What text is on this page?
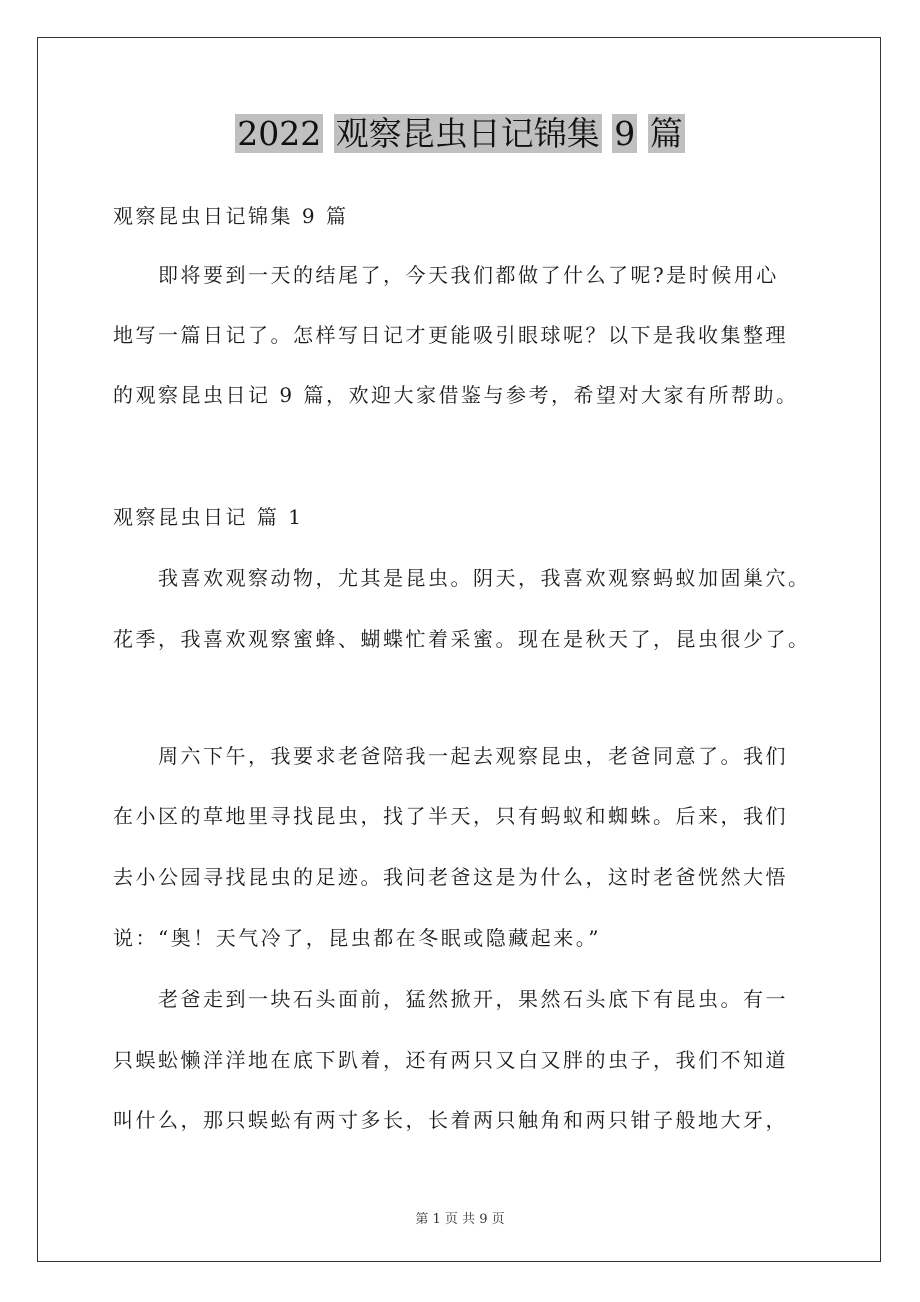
2022 观察昆虫日记锦集 9 篇
观察昆虫日记锦集 9 篇
即将要到一天的结尾了，今天我们都做了什么了呢?是时候用心
地写一篇日记了。怎样写日记才更能吸引眼球呢？以下是我收集整理
的观察昆虫日记 9 篇，欢迎大家借鉴与参考，希望对大家有所帮助。
观察昆虫日记 篇 1
我喜欢观察动物，尤其是昆虫。阴天，我喜欢观察蚂蚁加固巢穴。
花季，我喜欢观察蜜蜂、蝴蝶忙着采蜜。现在是秋天了，昆虫很少了。
周六下午，我要求老爸陪我一起去观察昆虫，老爸同意了。我们
在小区的草地里寻找昆虫，找了半天，只有蚂蚁和蜘蛛。后来，我们
去小公园寻找昆虫的足迹。我问老爸这是为什么，这时老爸恍然大悟
说：“奥！天气冷了，昆虫都在冬眠或隐藏起来。”
老爸走到一块石头面前，猛然掀开，果然石头底下有昆虫。有一
只蜈蚣懒洋洋地在底下趴着，还有两只又白又胖的虫子，我们不知道
叫什么，那只蜈蚣有两寸多长，长着两只触角和两只钳子般地大牙，
第 1 页 共 9 页
